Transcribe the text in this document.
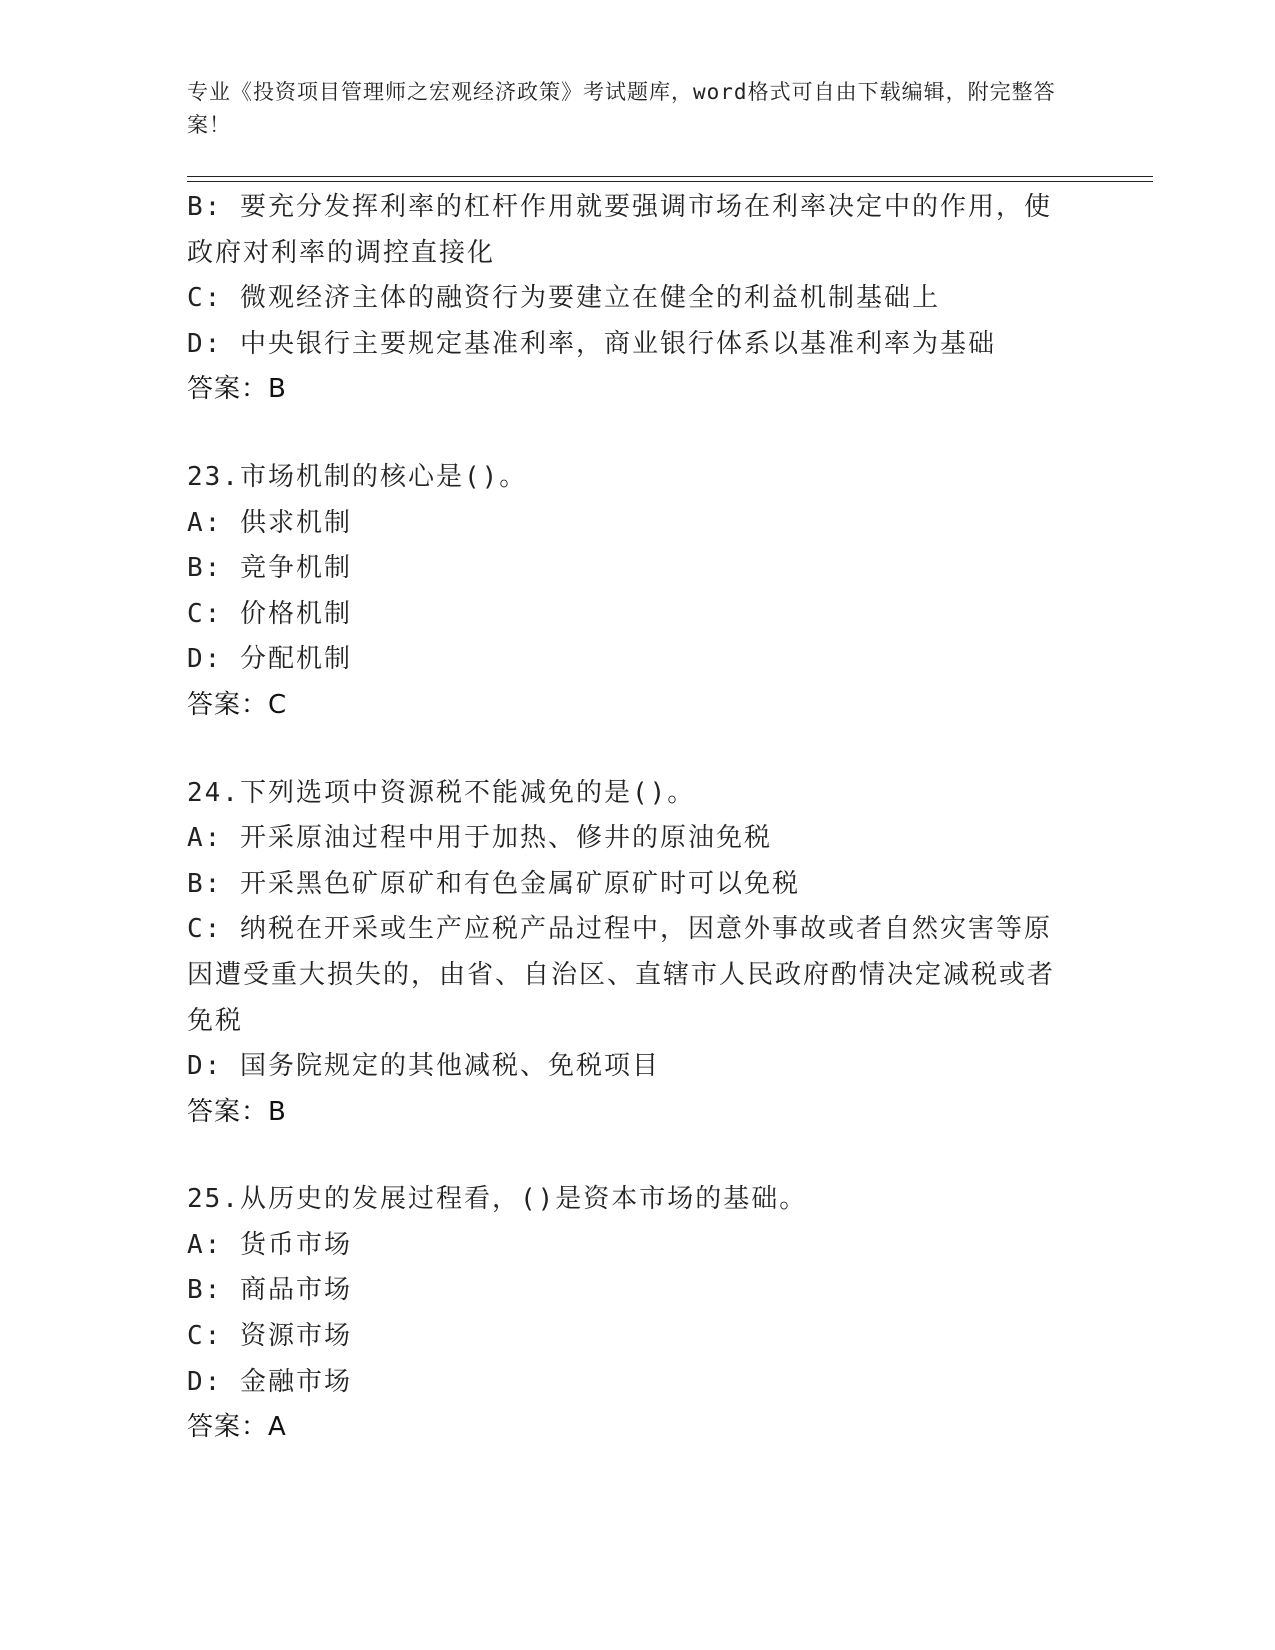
专业《投资项目管理师之宏观经济政策》考试题库，word格式可自由下载编辑，附完整答案！
B: 要充分发挥利率的杠杆作用就要强调市场在利率决定中的作用，使政府对利率的调控直接化
C: 微观经济主体的融资行为要建立在健全的利益机制基础上
D: 中央银行主要规定基准利率，商业银行体系以基准利率为基础
答案：B
23.市场机制的核心是()。
A: 供求机制
B: 竞争机制
C: 价格机制
D: 分配机制
答案：C
24.下列选项中资源税不能减免的是()。
A: 开采原油过程中用于加热、修井的原油免税
B: 开采黑色矿原矿和有色金属矿原矿时可以免税
C: 纳税在开采或生产应税产品过程中，因意外事故或者自然灾害等原因遭受重大损失的，由省、自治区、直辖市人民政府酌情决定减税或者免税
D: 国务院规定的其他减税、免税项目
答案：B
25.从历史的发展过程看，()是资本市场的基础。
A: 货币市场
B: 商品市场
C: 资源市场
D: 金融市场
答案：A
